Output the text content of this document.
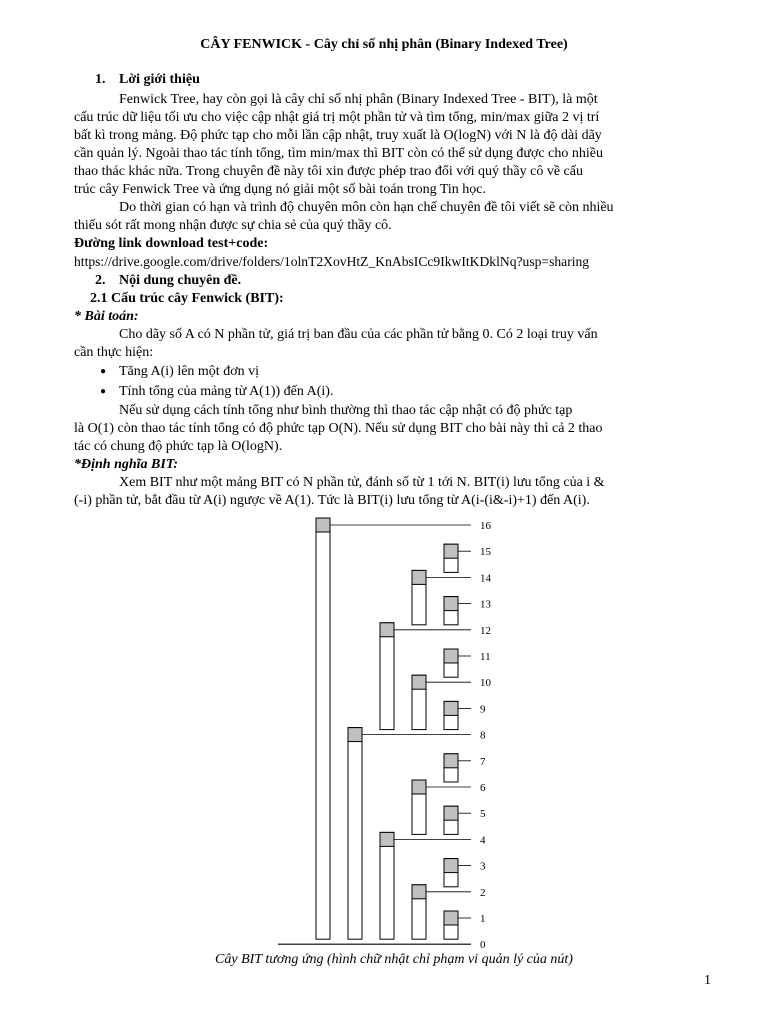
CÂY FENWICK - Cây chỉ số nhị phân (Binary Indexed Tree)
1. Lời giới thiệu
Fenwick Tree, hay còn gọi là cây chỉ số nhị phân (Binary Indexed Tree - BIT), là một
cấu trúc dữ liệu tối ưu cho việc cập nhật giá trị một phần tử và tìm tổng, min/max giữa 2 vị trí
bất kì trong mảng. Độ phức tạp cho mỗi lần cập nhật, truy xuất là O(logN) với N là độ dài dãy
cần quản lý. Ngoài thao tác tính tổng, tìm min/max thì BIT còn có thể sử dụng được cho nhiều
thao thác khác nữa. Trong chuyên đề này tôi xin được phép trao đổi với quý thầy cô về cấu
trúc cây Fenwick Tree và ứng dụng nó giải một số bài toán trong Tin học.
Do thời gian có hạn và trình độ chuyên môn còn hạn chế chuyên đề tôi viết sẽ còn nhiều
thiếu sót rất mong nhận được sự chia sẻ của quý thầy cô.
Đường link download test+code:
https://drive.google.com/drive/folders/1olnT2XovHtZ_KnAbsICc9IkwItKDklNq?usp=sharing
2. Nội dung chuyên đề.
2.1 Cấu trúc cây Fenwick (BIT):
* Bài toán:
Cho dãy số A có N phần tử, giá trị ban đầu của các phần tử bằng 0. Có 2 loại truy vấn
cần thực hiện:
● Tăng A(i) lên một đơn vị
● Tính tổng của mảng từ A(1)) đến A(i).
Nếu sử dụng cách tính tổng như bình thường thì thao tác cập nhật có độ phức tạp
là O(1) còn thao tác tính tổng có độ phức tạp O(N). Nếu sử dụng BIT cho bài này thì cả 2 thao
tác có chung độ phức tạp là O(logN).
*Định nghĩa BIT:
Xem BIT như một mảng BIT có N phần tử, đánh số từ 1 tới N. BIT(i) lưu tổng của i &
(-i) phần tử, bắt đầu từ A(i) ngược về A(1). Tức là BIT(i) lưu tổng từ A(i-(i&-i)+1) đến A(i).
16
15
14
13
12
11
10
9
8
7
6
5
4
3
2
1
0
Cây BIT tương ứng (hình chữ nhật chỉ phạm vi quản lý của nút)
1
